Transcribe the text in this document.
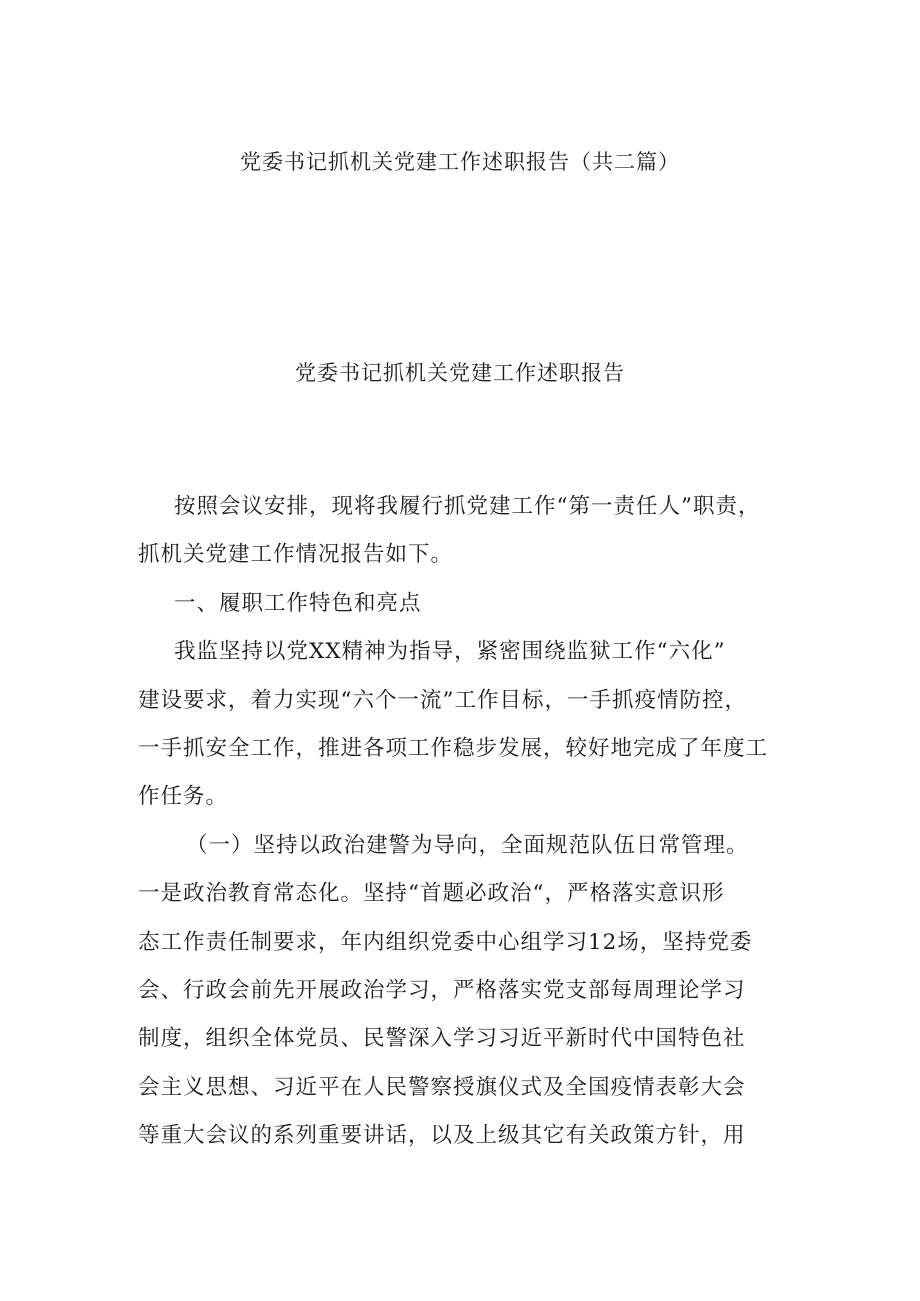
党委书记抓机关党建工作述职报告（共二篇）
党委书记抓机关党建工作述职报告

按照会议安排，现将我履行抓党建工作“第一责任人”职责，

抓机关党建工作情况报告如下。

一、履职工作特色和亮点

我监坚持以党XX精神为指导，紧密围绕监狱工作“六化”

建设要求，着力实现“六个一流”工作目标，一手抓疫情防控，

一手抓安全工作，推进各项工作稳步发展，较好地完成了年度工

作任务。

（一）坚持以政治建警为导向，全面规范队伍日常管理。

一是政治教育常态化。坚持“首题必政治“，严格落实意识形

态工作责任制要求，年内组织党委中心组学习12场，坚持党委

会、行政会前先开展政治学习，严格落实党支部每周理论学习

制度，组织全体党员、民警深入学习习近平新时代中国特色社

会主义思想、习近平在人民警察授旗仪式及全国疫情表彰大会

等重大会议的系列重要讲话，以及上级其它有关政策方针，用
